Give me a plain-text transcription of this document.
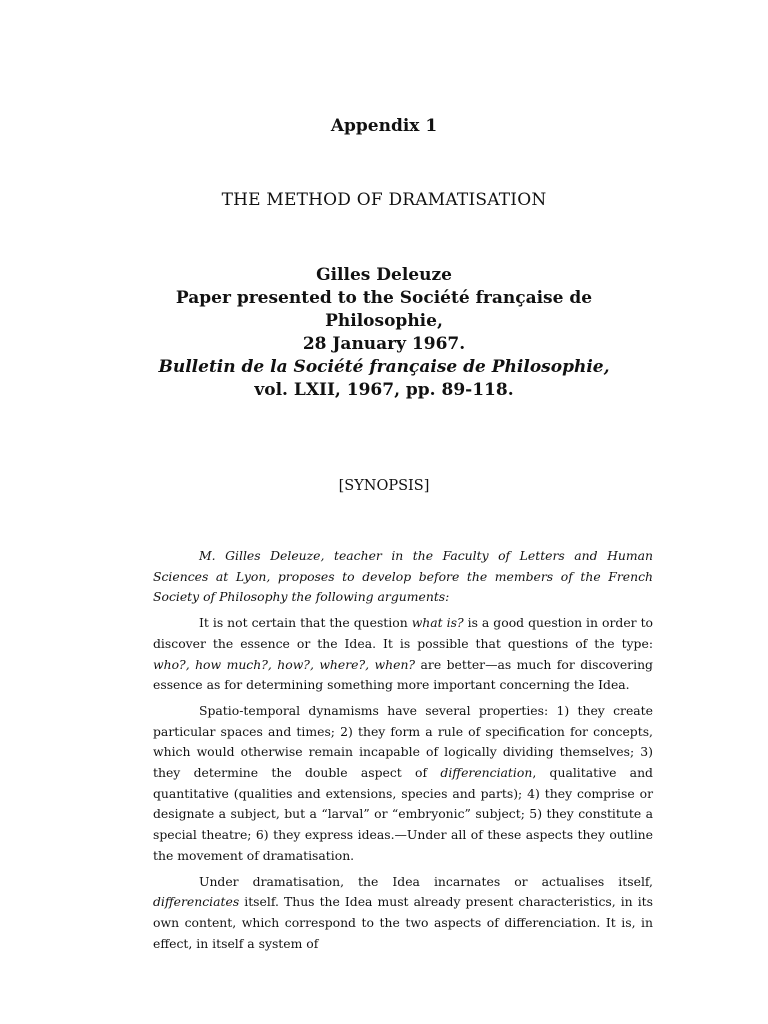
Appendix 1
THE METHOD OF DRAMATISATION
Gilles Deleuze
Paper presented to the Société française de
Philosophie,
28 January 1967.
Bulletin de la Société française de Philosophie,
vol. LXII, 1967, pp. 89-118.
[SYNOPSIS]

M. Gilles Deleuze, teacher in the Faculty of Letters and Human Sciences at Lyon, proposes to develop before the members of the French Society of Philosophy the following arguments:

It is not certain that the question what is? is a good question in order to discover the essence or the Idea. It is possible that questions of the type: who?, how much?, how?, where?, when? are better—as much for discovering essence as for determining something more important concerning the Idea.

Spatio-temporal dynamisms have several properties: 1) they create particular spaces and times; 2) they form a rule of specification for concepts, which would otherwise remain incapable of logically dividing themselves; 3) they determine the double aspect of differenciation, qualitative and quantitative (qualities and extensions, species and parts); 4) they comprise or designate a subject, but a “larval” or “embryonic” subject; 5) they constitute a special theatre; 6) they express ideas.—Under all of these aspects they outline the movement of dramatisation.

Under dramatisation, the Idea incarnates or actualises itself, differenciates itself. Thus the Idea must already present characteristics, in its own content, which correspond to the two aspects of differenciation. It is, in effect, in itself a system of
